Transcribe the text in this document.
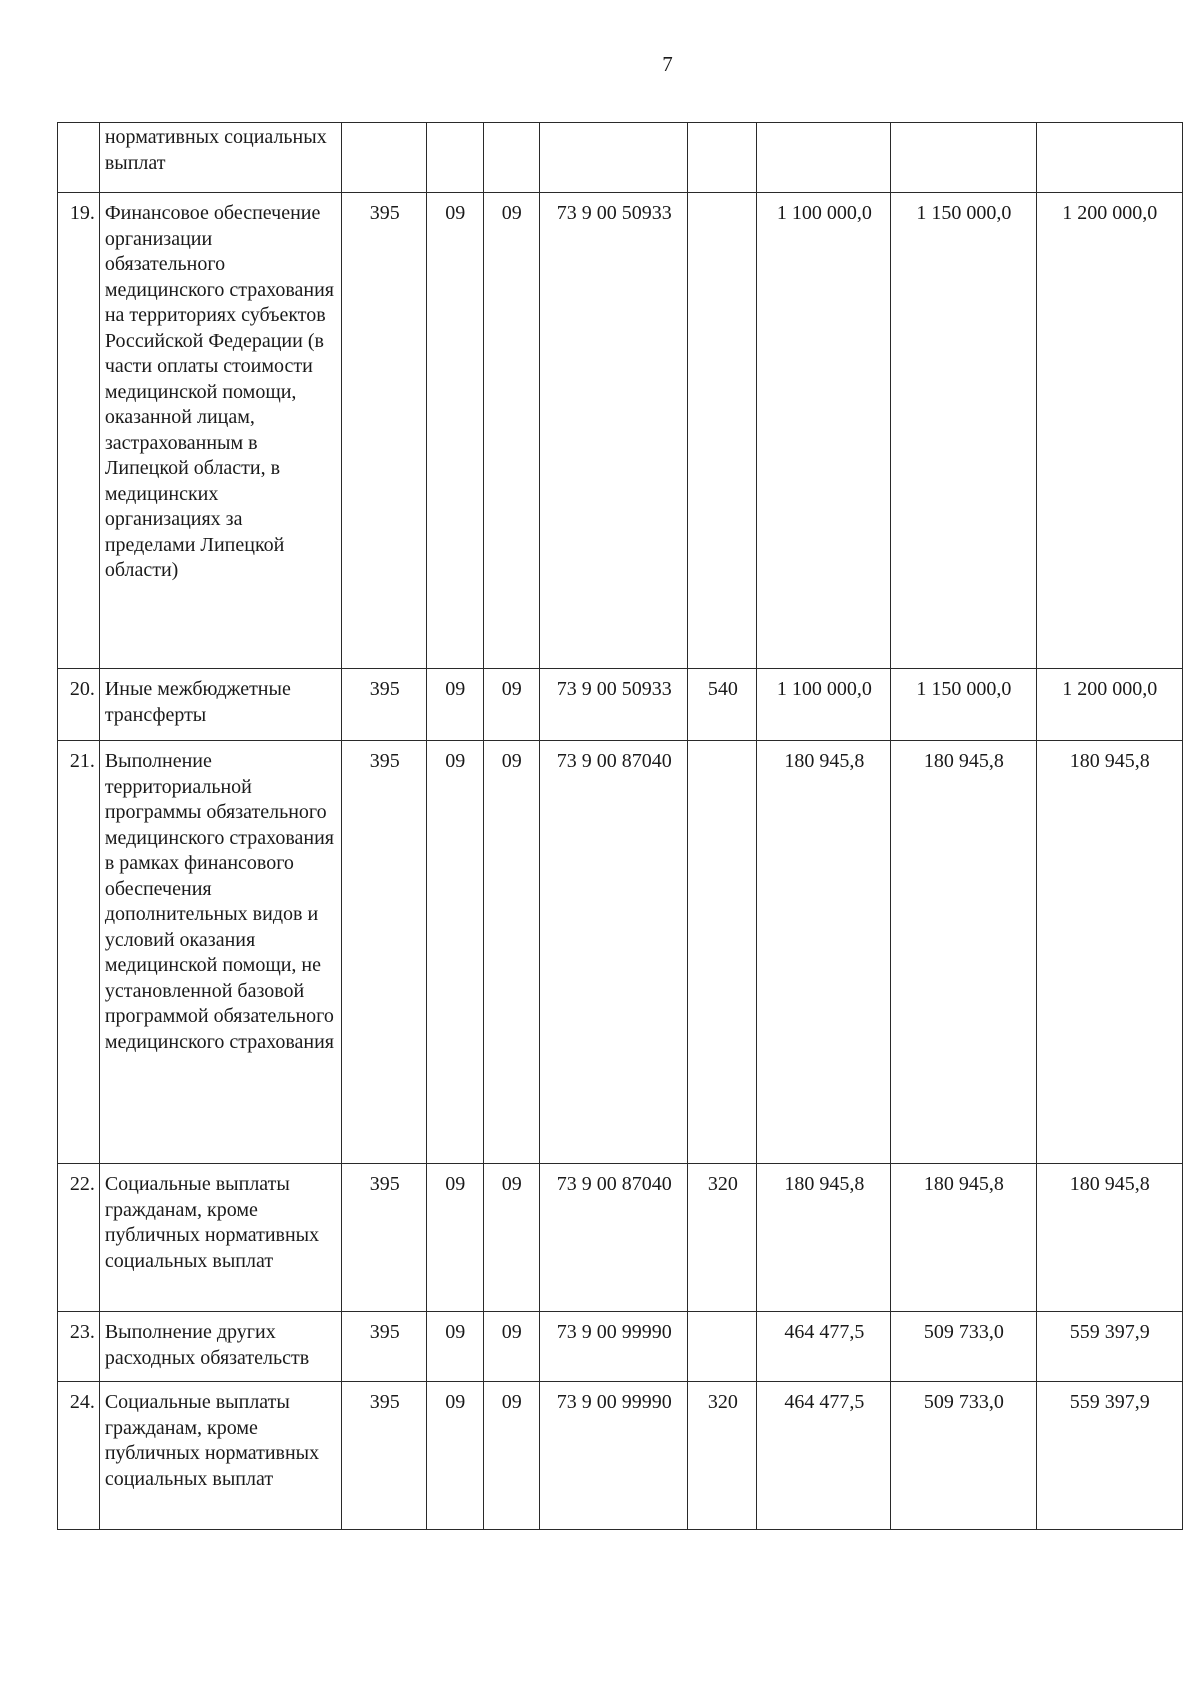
7
	нормативных социальных выплат								
19.	Финансовое обеспечение организации обязательного медицинского страхования на территориях субъектов Российской Федерации (в части оплаты стоимости медицинской помощи, оказанной лицам, застрахованным в Липецкой области, в медицинских организациях за пределами Липецкой области)	395	09	09	73 9 00 50933		1 100 000,0	1 150 000,0	1 200 000,0
20.	Иные межбюджетные трансферты	395	09	09	73 9 00 50933	540	1 100 000,0	1 150 000,0	1 200 000,0
21.	Выполнение территориальной программы обязательного медицинского страхования в рамках финансового обеспечения дополнительных видов и условий оказания медицинской помощи, не установленной базовой программой обязательного медицинского страхования	395	09	09	73 9 00 87040		180 945,8	180 945,8	180 945,8
22.	Социальные выплаты гражданам, кроме публичных нормативных социальных выплат	395	09	09	73 9 00 87040	320	180 945,8	180 945,8	180 945,8
23.	Выполнение других расходных обязательств	395	09	09	73 9 00 99990		464 477,5	509 733,0	559 397,9
24.	Социальные выплаты гражданам, кроме публичных нормативных социальных выплат	395	09	09	73 9 00 99990	320	464 477,5	509 733,0	559 397,9
